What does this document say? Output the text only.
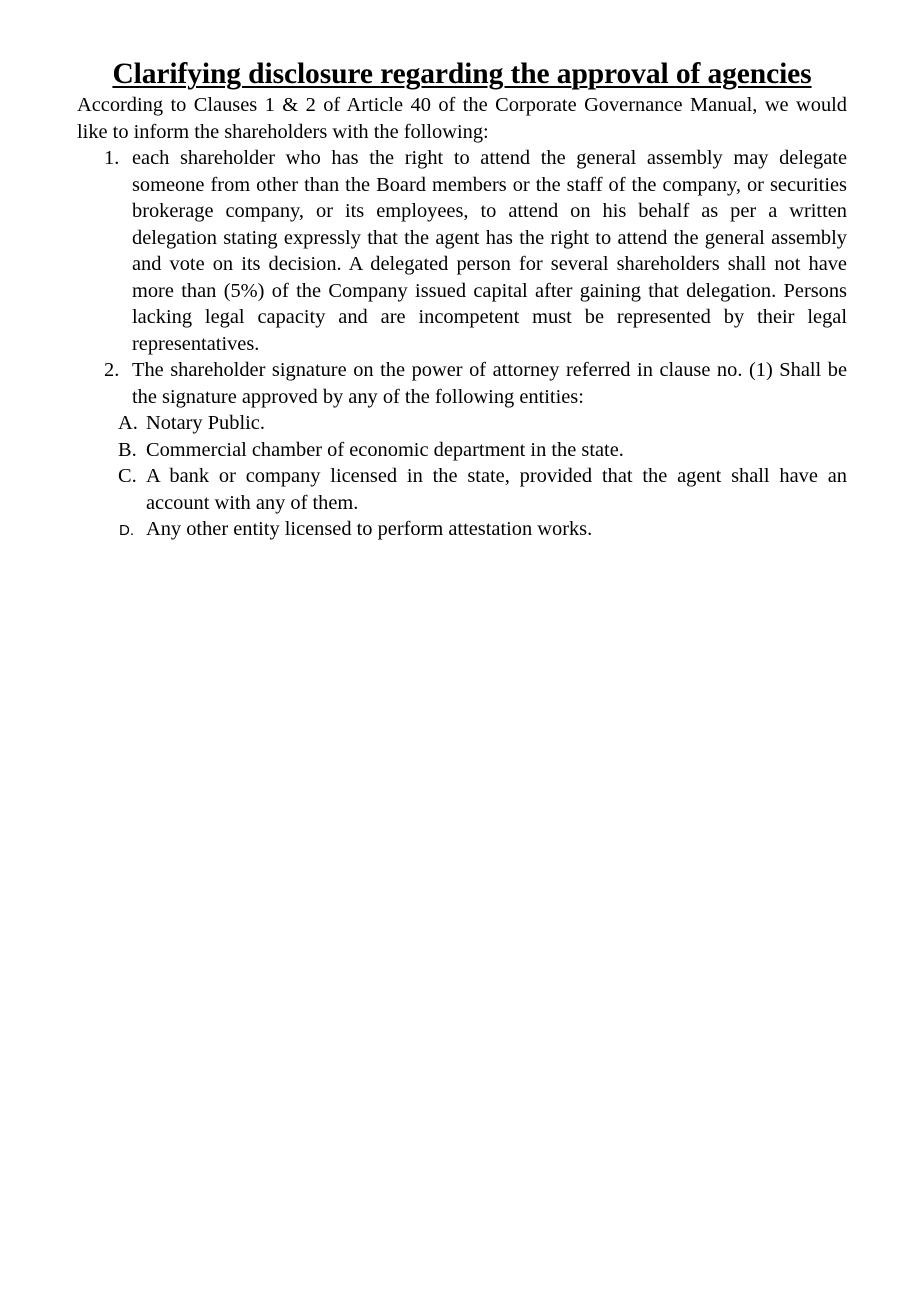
Clarifying disclosure regarding the approval of agencies

According to Clauses 1 & 2 of Article 40 of the Corporate Governance Manual, we would like to inform the shareholders with the following:

1. each shareholder who has the right to attend the general assembly may delegate someone from other than the Board members or the staff of the company, or securities brokerage company, or its employees, to attend on his behalf as per a written delegation stating expressly that the agent has the right to attend the general assembly and vote on its decision. A delegated person for several shareholders shall not have more than (5%) of the Company issued capital after gaining that delegation. Persons lacking legal capacity and are incompetent must be represented by their legal representatives.
2. The shareholder signature on the power of attorney referred in clause no. (1) Shall be the signature approved by any of the following entities:
A. Notary Public.
B. Commercial chamber of economic department in the state.
C. A bank or company licensed in the state, provided that the agent shall have an account with any of them.
D. Any other entity licensed to perform attestation works.
